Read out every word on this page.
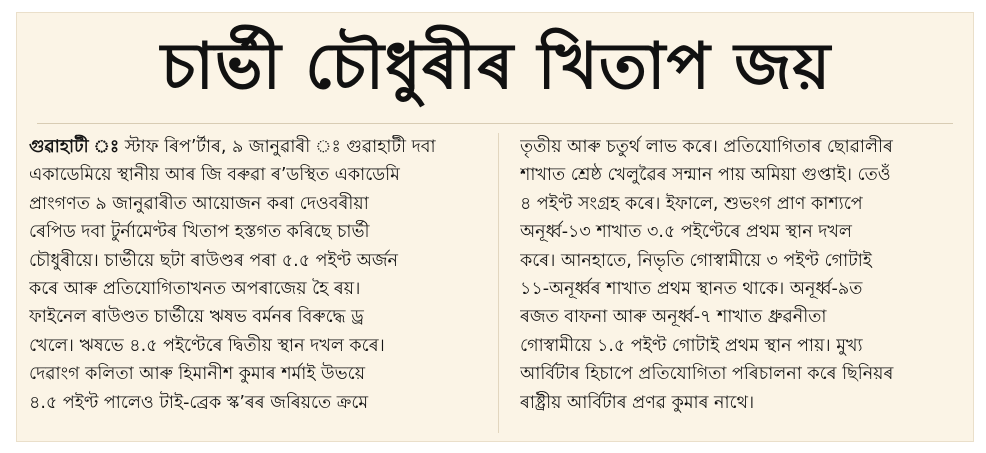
চাৰ্ভী চৌধুৰীৰ খিতাপ জয়
গুৱাহাটী ঃ স্টাফ ৰিপ’ৰ্টাৰ, ৯ জানুৱাৰী ঃ গুৱাহাটী দবা
একাডেমিয়ে স্থানীয় আৰ জি বৰুৱা ৰ’ডস্থিত একাডেমি
প্ৰাংগণত ৯ জানুৱাৰীত আয়োজন কৰা দেওবৰীয়া
ৰেপিড দবা টুৰ্নামেণ্টৰ খিতাপ হস্তগত কৰিছে চাৰ্ভী
চৌধুৰীয়ে। চাৰ্ভীয়ে ছটা ৰাউণ্ডৰ পৰা ৫.৫ পইণ্ট অৰ্জন
কৰে আৰু প্ৰতিযোগিতাখনত অপৰাজেয় হৈ ৰয়।
ফাইনেল ৰাউণ্ডত চাৰ্ভীয়ে ঋষভ বৰ্মনৰ বিৰুদ্ধে ড্ৰ
খেলে। ঋষভে ৪.৫ পইণ্টেৰে দ্বিতীয় স্থান দখল কৰে।
দেৱাংগ কলিতা আৰু হিমানীশ কুমাৰ শৰ্মাই উভয়ে
৪.৫ পইণ্ট পালেও টাই-ব্ৰেক স্ক’ৰৰ জৰিয়তে ক্ৰমে
তৃতীয় আৰু চতুৰ্থ লাভ কৰে। প্ৰতিযোগিতাৰ ছোৱালীৰ
শাখাত শ্ৰেষ্ঠ খেলুৱৈৰ সন্মান পায় অমিয়া গুপ্তাই। তেওঁ
৪ পইণ্ট সংগ্ৰহ কৰে। ইফালে, শুভংগ প্ৰাণ কাশ্যপে
অনূৰ্ধ্ব-১৩ শাখাত ৩.৫ পইণ্টেৰে প্ৰথম স্থান দখল
কৰে। আনহাতে, নিভৃতি গোস্বামীয়ে ৩ পইণ্ট গোটাই
১১-অনূৰ্ধ্বৰ শাখাত প্ৰথম স্থানত থাকে। অনূৰ্ধ্ব-৯ত
ৰজত বাফনা আৰু অনূৰ্ধ্ব-৭ শাখাত ধ্ৰুৱনীতা
গোস্বামীয়ে ১.৫ পইণ্ট গোটাই প্ৰথম স্থান পায়। মুখ্য
আৰ্বিটাৰ হিচাপে প্ৰতিযোগিতা পৰিচালনা কৰে ছিনিয়ৰ
ৰাষ্ট্ৰীয় আৰ্বিটাৰ প্ৰণৱ কুমাৰ নাথে।
